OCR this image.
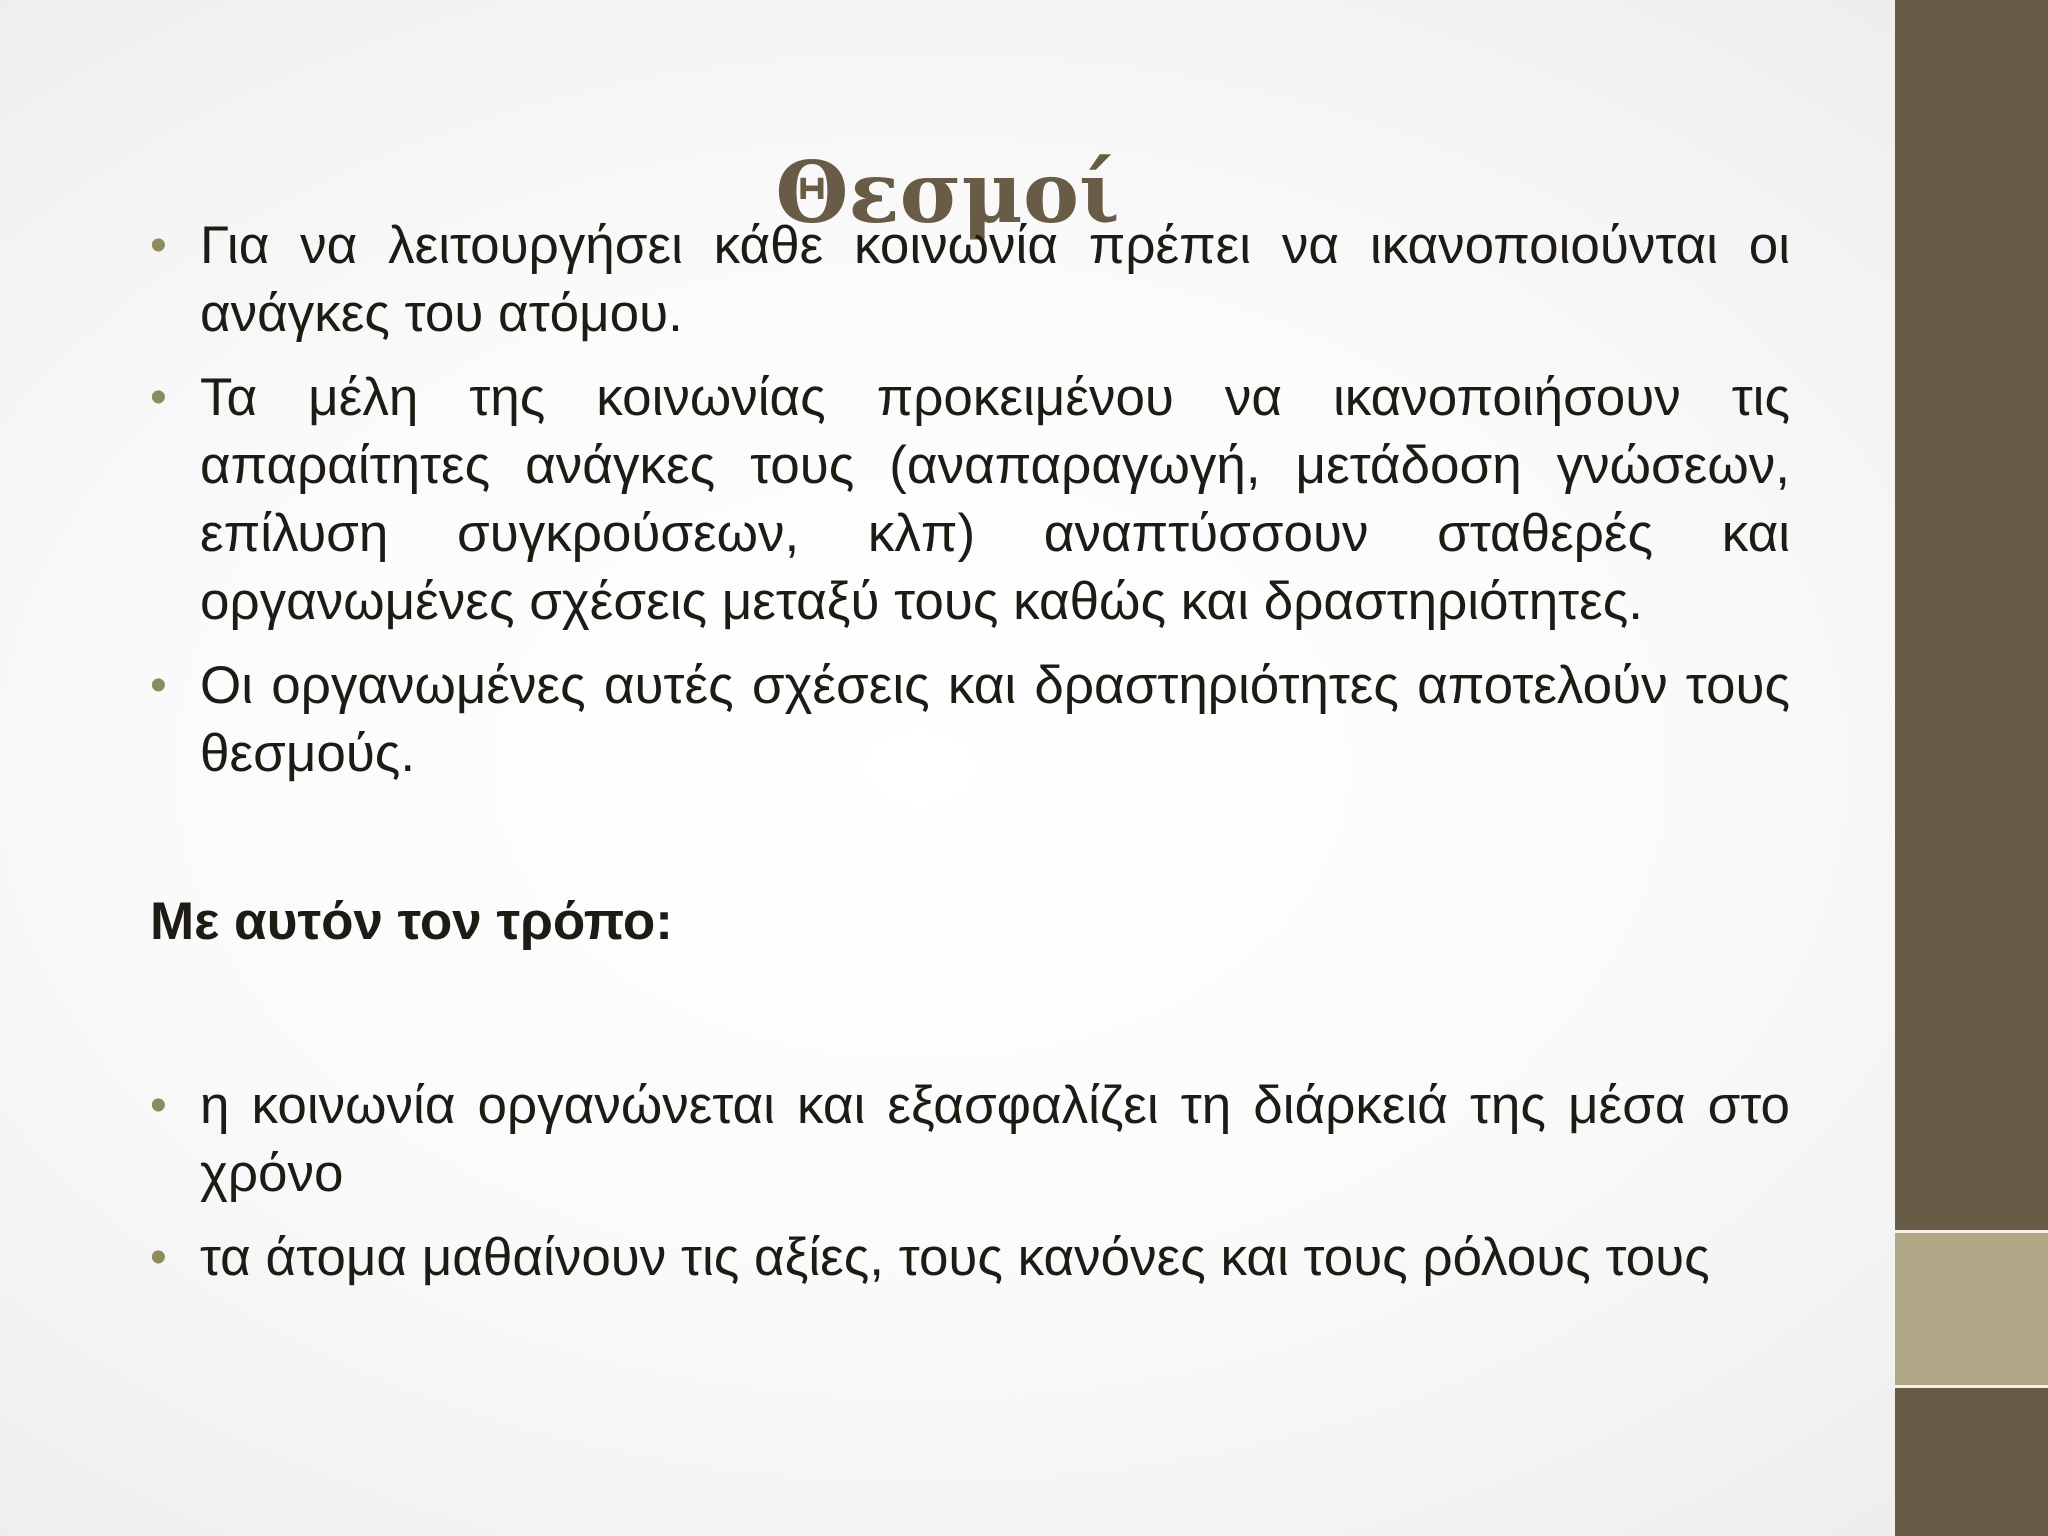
Θεσμοί
• Για να λειτουργήσει κάθε κοινωνία πρέπει να ικανοποιούνται οι ανάγκες του ατόμου.
• Τα μέλη της κοινωνίας προκειμένου να ικανοποιήσουν τις απαραίτητες ανάγκες τους (αναπαραγωγή, μετάδοση γνώσεων, επίλυση συγκρούσεων, κλπ) αναπτύσσουν σταθερές και οργανωμένες σχέσεις μεταξύ τους καθώς και δραστηριότητες.
• Οι οργανωμένες αυτές σχέσεις και δραστηριότητες αποτελούν τους θεσμούς.
Με αυτόν τον τρόπο:
• η κοινωνία οργανώνεται και εξασφαλίζει τη διάρκειά της μέσα στο χρόνο
• τα άτομα μαθαίνουν τις αξίες, τους κανόνες και τους ρόλους τους
